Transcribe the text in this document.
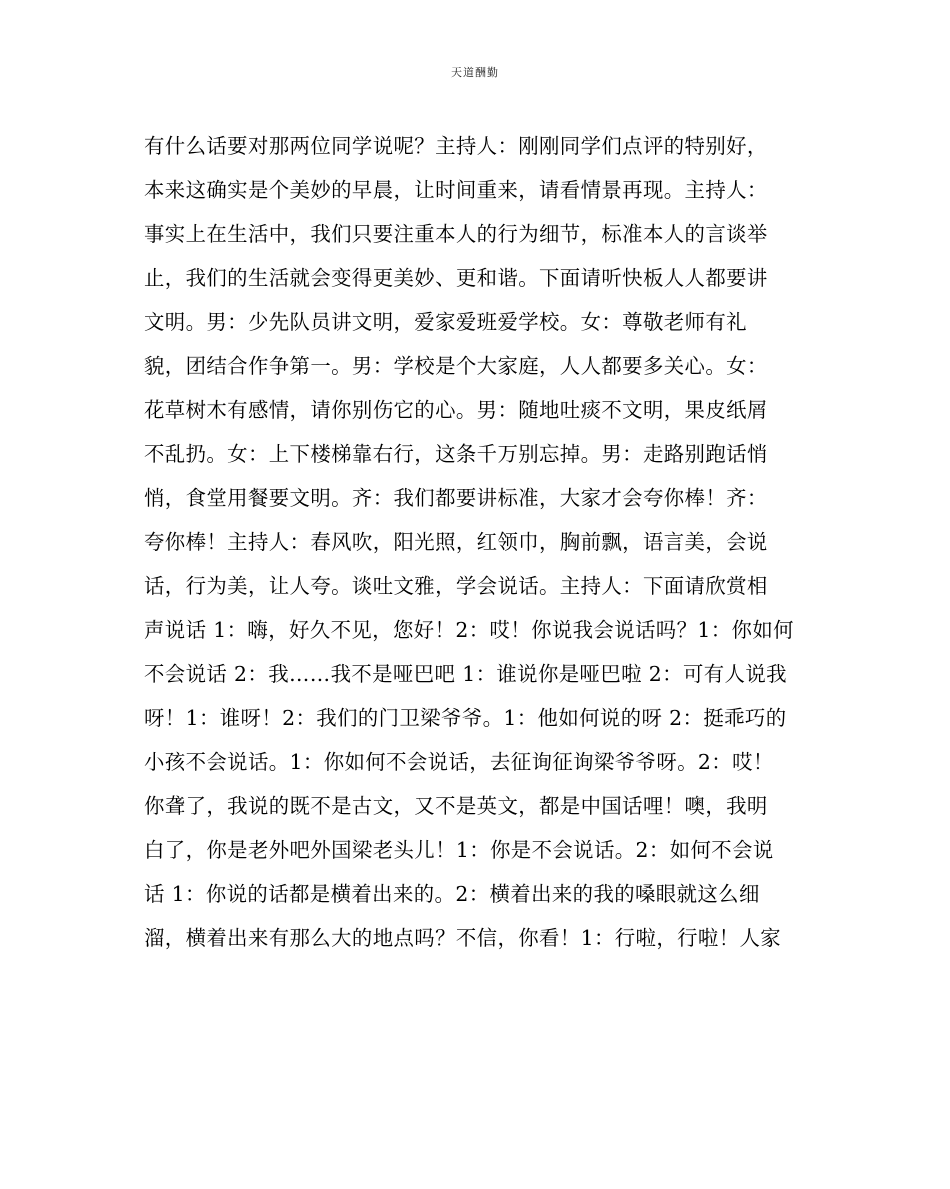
天道酬勤
有什么话要对那两位同学说呢？主持人：刚刚同学们点评的特别好，
本来这确实是个美妙的早晨，让时间重来，请看情景再现。主持人：
事实上在生活中，我们只要注重本人的行为细节，标准本人的言谈举
止，我们的生活就会变得更美妙、更和谐。下面请听快板人人都要讲
文明。男：少先队员讲文明，爱家爱班爱学校。女：尊敬老师有礼
貌，团结合作争第一。男：学校是个大家庭，人人都要多关心。女：
花草树木有感情，请你别伤它的心。男：随地吐痰不文明，果皮纸屑
不乱扔。女：上下楼梯靠右行，这条千万别忘掉。男：走路别跑话悄
悄，食堂用餐要文明。齐：我们都要讲标准，大家才会夸你棒！齐：
夸你棒！主持人：春风吹，阳光照，红领巾，胸前飘，语言美，会说
话，行为美，让人夸。谈吐文雅，学会说话。主持人：下面请欣赏相
声说话 1：嗨，好久不见，您好！2：哎！你说我会说话吗？1：你如何
不会说话 2：我……我不是哑巴吧 1：谁说你是哑巴啦 2：可有人说我
呀！1：谁呀！2：我们的门卫梁爷爷。1：他如何说的呀 2：挺乖巧的
小孩不会说话。1：你如何不会说话，去征询征询梁爷爷呀。2：哎！
你聋了，我说的既不是古文，又不是英文，都是中国话哩！噢，我明
白了，你是老外吧外国梁老头儿！1：你是不会说话。2：如何不会说
话 1：你说的话都是横着出来的。2：横着出来的我的嗓眼就这么细
溜，横着出来有那么大的地点吗？不信，你看！1：行啦，行啦！人家
